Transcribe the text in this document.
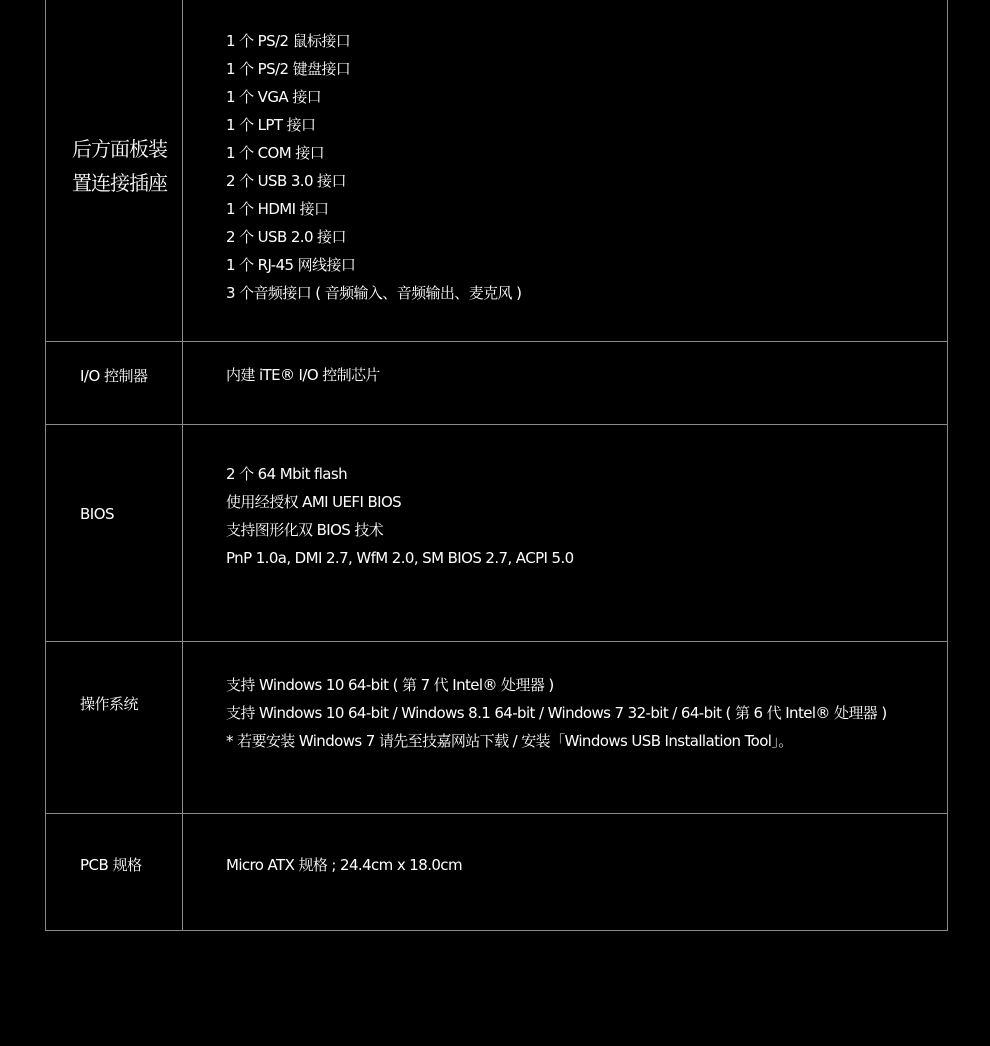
后方面板装置连接插座
1 个 PS/2 鼠标接口
1 个 PS/2 键盘接口
1 个 VGA 接口
1 个 LPT 接口
1 个 COM 接口
2 个 USB 3.0 接口
1 个 HDMI 接口
2 个 USB 2.0 接口
1 个 RJ-45 网线接口
3 个音频接口 ( 音频输入、音频输出、麦克风 )
I/O 控制器	内建 iTE® I/O 控制芯片
BIOS
2 个 64 Mbit flash
使用经授权 AMI UEFI BIOS
支持图形化双 BIOS 技术
PnP 1.0a, DMI 2.7, WfM 2.0, SM BIOS 2.7, ACPI 5.0
操作系统
支持 Windows 10 64-bit ( 第 7 代 Intel® 处理器 )
支持 Windows 10 64-bit / Windows 8.1 64-bit / Windows 7 32-bit / 64-bit ( 第 6 代 Intel® 处理器 )
* 若要安装 Windows 7 请先至技嘉网站下载 / 安装「Windows USB Installation Tool」。
PCB 规格	Micro ATX 规格 ; 24.4cm x 18.0cm
